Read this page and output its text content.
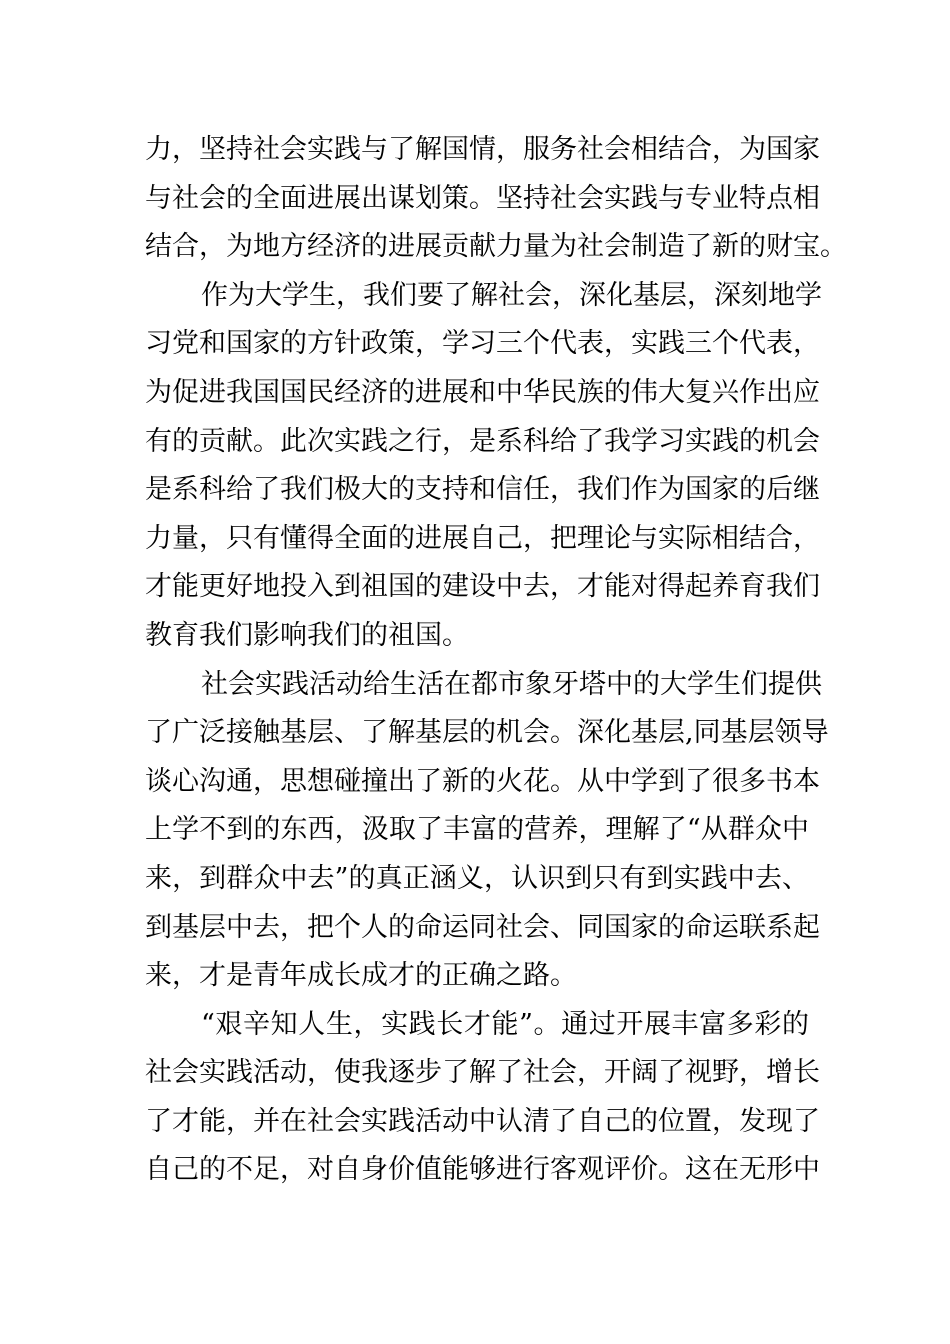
力，坚持社会实践与了解国情，服务社会相结合，为国家
与社会的全面进展出谋划策。坚持社会实践与专业特点相
结合，为地方经济的进展贡献力量为社会制造了新的财宝。
作为大学生，我们要了解社会，深化基层，深刻地学
习党和国家的方针政策，学习三个代表，实践三个代表，
为促进我国国民经济的进展和中华民族的伟大复兴作出应
有的贡献。此次实践之行，是系科给了我学习实践的机会
是系科给了我们极大的支持和信任，我们作为国家的后继
力量，只有懂得全面的进展自己，把理论与实际相结合，
才能更好地投入到祖国的建设中去，才能对得起养育我们
教育我们影响我们的祖国。
社会实践活动给生活在都市象牙塔中的大学生们提供
了广泛接触基层、了解基层的机会。深化基层,同基层领导
谈心沟通，思想碰撞出了新的火花。从中学到了很多书本
上学不到的东西，汲取了丰富的营养，理解了“从群众中
来，到群众中去”的真正涵义，认识到只有到实践中去、
到基层中去，把个人的命运同社会、同国家的命运联系起
来，才是青年成长成才的正确之路。
“艰辛知人生，实践长才能”。通过开展丰富多彩的
社会实践活动，使我逐步了解了社会，开阔了视野，增长
了才能，并在社会实践活动中认清了自己的位置，发现了
自己的不足，对自身价值能够进行客观评价。这在无形中
